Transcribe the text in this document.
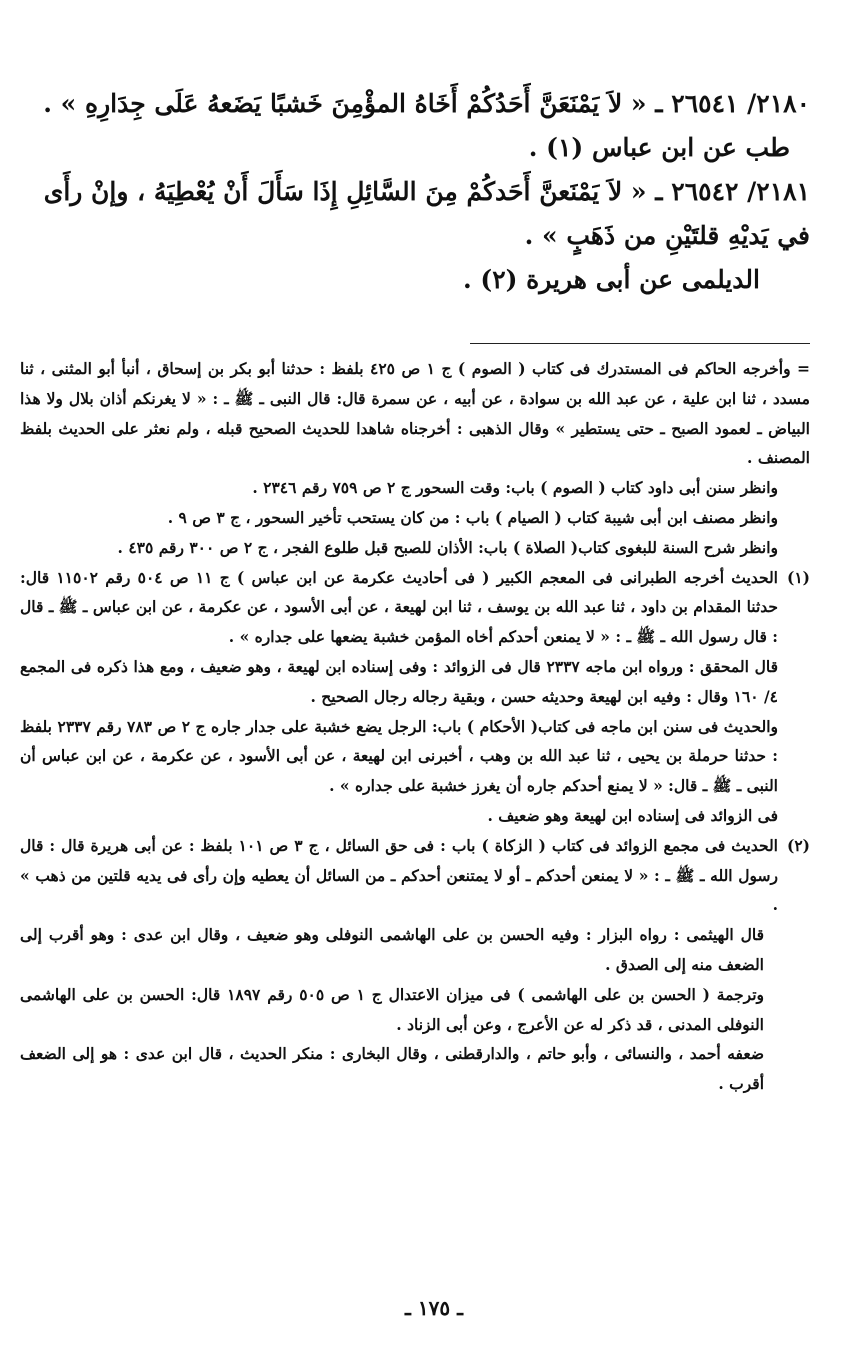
٢١٨٠/ ٢٦٥٤١ ـ « لاَ يَمْنَعَنَّ أَحَدُكُمْ أَخَاهُ المؤْمِنَ خَشبًا يَضَعهُ عَلَى جِدَارِهِ » .

طب عن ابن عباس (١) .

٢١٨١/ ٢٦٥٤٢ ـ « لاَ يَمْنَعنَّ أَحَدكُمْ مِنَ السَّائِلِ إِذَا سَأَلَ أَنْ يُعْطِيَهُ ، وإنْ رأَى في يَديْهِ قلتَيْنِ من ذَهَبٍ » .

الديلمى عن أبى هريرة (٢) .

= وأخرجه الحاكم فى المستدرك فى كتاب ( الصوم ) ج ١ ص ٤٢٥ بلفظ : حدثنا أبو بكر بن إسحاق ، أنبأ أبو المثنى ، ثنا مسدد ، ثنا ابن علية ، عن عبد الله بن سوادة ، عن أبيه ، عن سمرة قال: قال النبى ـ ﷺ ـ : « لا يغرنكم أذان بلال ولا هذا البياض ـ لعمود الصبح ـ حتى يستطير » وقال الذهبى : أخرجناه شاهدا للحديث الصحيح قبله ، ولم نعثر على الحديث بلفظ المصنف .

وانظر سنن أبى داود كتاب ( الصوم ) باب: وقت السحور ج ٢ ص ٧٥٩ رقم ٢٣٤٦ .

وانظر مصنف ابن أبى شيبة كتاب ( الصيام ) باب : من كان يستحب تأخير السحور ، ج ٣ ص ٩ .

وانظر شرح السنة للبغوى كتاب( الصلاة ) باب: الأذان للصبح قبل طلوع الفجر ، ج ٢ ص ٣٠٠ رقم ٤٣٥ .

(١)
الحديث أخرجه الطبرانى فى المعجم الكبير ( فى أحاديث عكرمة عن ابن عباس ) ج ١١ ص ٥٠٤ رقم ١١٥٠٢ قال: حدثنا المقدام بن داود ، ثنا عبد الله بن يوسف ، ثنا ابن لهيعة ، عن أبى الأسود ، عن عكرمة ، عن ابن عباس ـ ﷺ ـ قال : قال رسول الله ـ ﷺ ـ : « لا يمنعن أحدكم أخاه المؤمن خشبة يضعها على جداره » .

قال المحقق : ورواه ابن ماجه ٢٣٣٧ قال فى الزوائد : وفى إسناده ابن لهيعة ، وهو ضعيف ، ومع هذا ذكره فى المجمع ٤/ ١٦٠ وقال : وفيه ابن لهيعة وحديثه حسن ، وبقية رجاله رجال الصحيح .

والحديث فى سنن ابن ماجه فى كتاب( الأحكام ) باب: الرجل يضع خشبة على جدار جاره ج ٢ ص ٧٨٣ رقم ٢٣٣٧ بلفظ : حدثنا حرملة بن يحيى ، ثنا عبد الله بن وهب ، أخبرنى ابن لهيعة ، عن أبى الأسود ، عن عكرمة ، عن ابن عباس أن النبى ـ ﷺ ـ قال: « لا يمنع أحدكم جاره أن يغرز خشبة على جداره » .

فى الزوائد فى إسناده ابن لهيعة وهو ضعيف .

(٢)
الحديث فى مجمع الزوائد فى كتاب ( الزكاة ) باب : فى حق السائل ، ج ٣ ص ١٠١ بلفظ : عن أبى هريرة قال : قال رسول الله ـ ﷺ ـ : « لا يمنعن أحدكم ـ أو لا يمتنعن أحدكم ـ من السائل أن يعطيه وإن رأى فى يديه قلتين من ذهب » .

قال الهيثمى : رواه البزار : وفيه الحسن بن على الهاشمى النوفلى وهو ضعيف ، وقال ابن عدى : وهو أقرب إلى الضعف منه إلى الصدق .

وترجمة ( الحسن بن على الهاشمى ) فى ميزان الاعتدال ج ١ ص ٥٠٥ رقم ١٨٩٧ قال: الحسن بن على الهاشمى النوفلى المدنى ، قد ذكر له عن الأعرج ، وعن أبى الزناد .

ضعفه أحمد ، والنسائى ، وأبو حاتم ، والدارقطنى ، وقال البخارى : منكر الحديث ، قال ابن عدى : هو إلى الضعف أقرب .

ـ ١٧٥ ـ
